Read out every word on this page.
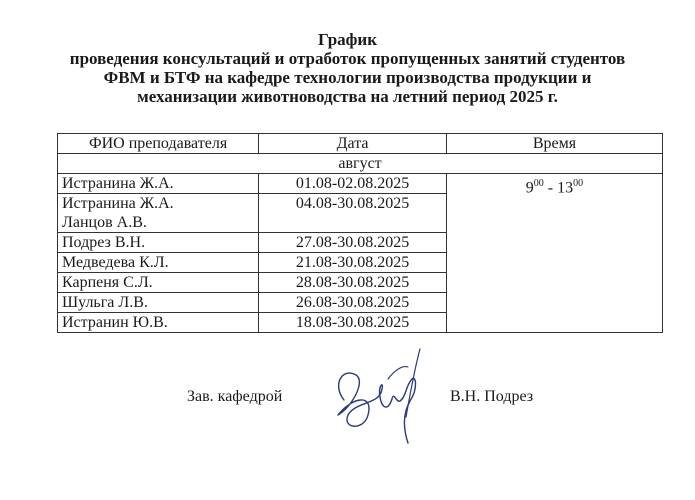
График
проведения консультаций и отработок пропущенных занятий студентов
ФВМ и БТФ на кафедре технологии производства продукции и
механизации животноводства на летний период 2025 г.
ФИО преподавателя	Дата	Время
август		
Истранина Ж.А.	01.08-02.08.2025	$9^{00} - 13^{00}$

Истранина Ж.А.
Ланцов А.В.	04.08-30.08.2025	
Подрез В.Н.	27.08-30.08.2025	
Медведева К.Л.	21.08-30.08.2025	
Карпеня С.Л.	28.08-30.08.2025	
Шульга Л.В.	26.08-30.08.2025	
Истранин Ю.В.	18.08-30.08.2025	
Зав. кафедрой	В.Н. Подрез
